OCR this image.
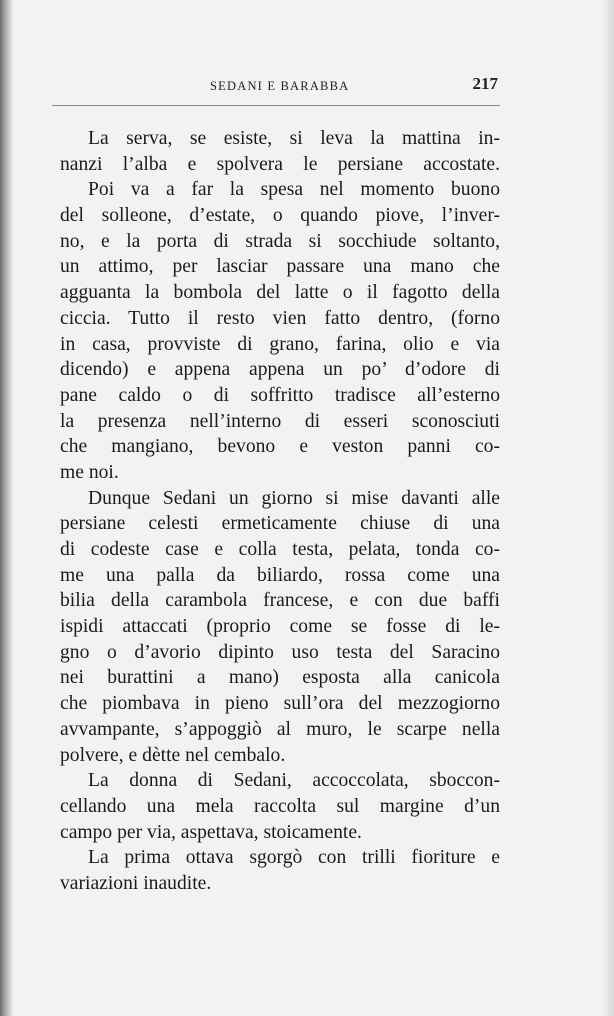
SEDANI E BARABBA	217
La serva, se esiste, si leva la mattina in-
nanzi l’alba e spolvera le persiane accostate.
Poi va a far la spesa nel momento buono
del solleone, d’estate, o quando piove, l’inver-
no, e la porta di strada si socchiude soltanto,
un attimo, per lasciar passare una mano che
agguanta la bombola del latte o il fagotto della
ciccia. Tutto il resto vien fatto dentro, (forno
in casa, provviste di grano, farina, olio e via
dicendo) e appena appena un po’ d’odore di
pane caldo o di soffritto tradisce all’esterno
la presenza nell’interno di esseri sconosciuti
che mangiano, bevono e veston panni co-
me noi.
Dunque Sedani un giorno si mise davanti alle
persiane celesti ermeticamente chiuse di una
di codeste case e colla testa, pelata, tonda co-
me una palla da biliardo, rossa come una
bilia della carambola francese, e con due baffi
ispidi attaccati (proprio come se fosse di le-
gno o d’avorio dipinto uso testa del Saracino
nei burattini a mano) esposta alla canicola
che piombava in pieno sull’ora del mezzogiorno
avvampante, s’appoggiò al muro, le scarpe nella
polvere, e dètte nel cembalo.
La donna di Sedani, accoccolata, sboccon-
cellando una mela raccolta sul margine d’un
campo per via, aspettava, stoicamente.
La prima ottava sgorgò con trilli fioriture e
variazioni inaudite.
